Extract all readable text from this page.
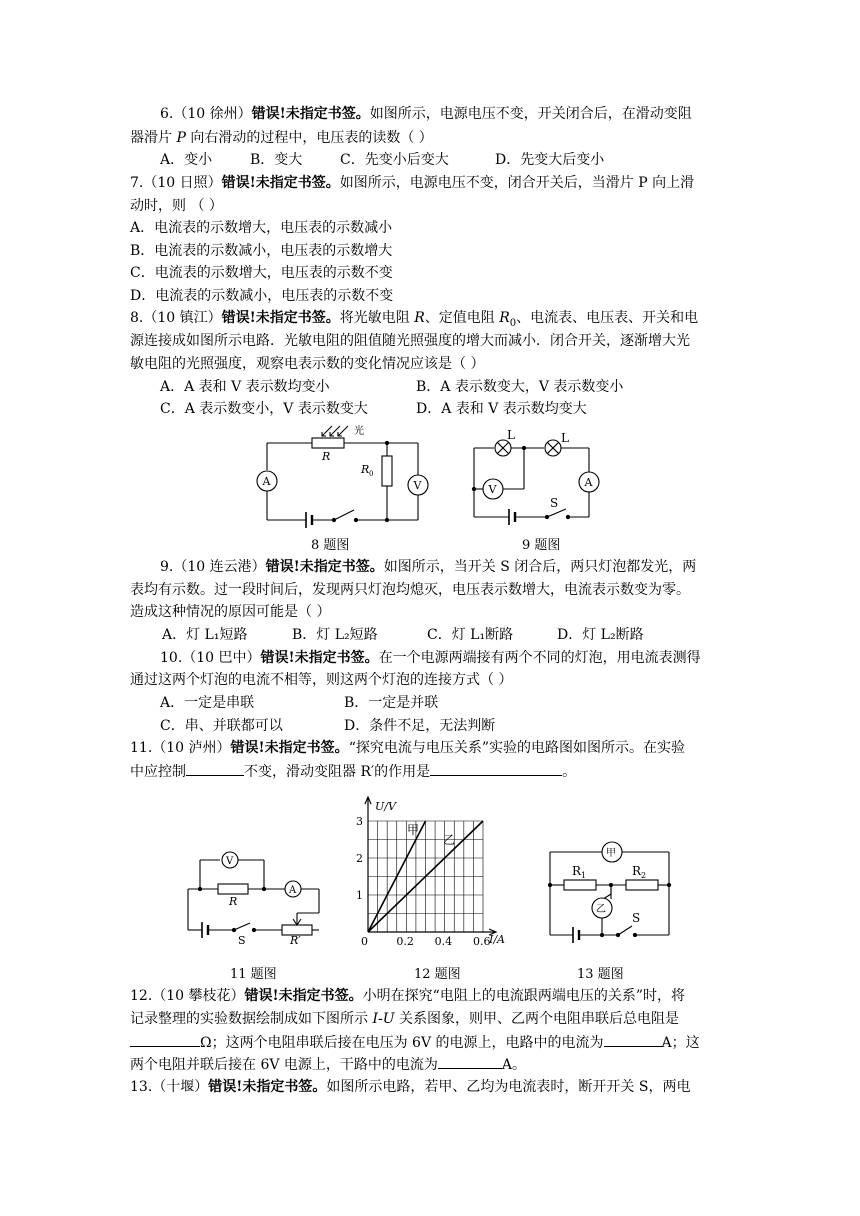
6.（10 徐州）错误!未指定书签。如图所示，电源电压不变，开关闭合后，在滑动变阻
器滑片 P 向右滑动的过程中，电压表的读数（ ）
A．变小	B．变大	C．先变小后变大	D．先变大后变小
7.（10 日照）错误!未指定书签。如图所示，电源电压不变，闭合开关后，当滑片 P 向上滑
动时，则 （ ）
A．电流表的示数增大，电压表的示数减小
B．电流表的示数减小，电压表的示数增大
C．电流表的示数增大，电压表的示数不变
D．电流表的示数减小，电压表的示数不变
8.（10 镇江）错误!未指定书签。将光敏电阻 R、定值电阻 $R_0$、电流表、电压表、开关和电
源连接成如图所示电路．光敏电阻的阻值随光照强度的增大而减小．闭合开关，逐渐增大光
敏电阻的光照强度，观察电表示数的变化情况应该是（ ）
A．A 表和 V 表示数均变小	B．A 表示数变大，V 表示数变小
C．A 表示数变小，V 表示数变大	D．A 表和 V 表示数均变大
光
R
R 0
A	V
8 题图
L	L
V
A
S
9 题图
9.（10 连云港）错误!未指定书签。如图所示，当开关 S 闭合后，两只灯泡都发光，两
表均有示数。过一段时间后，发现两只灯泡均熄灭，电压表示数增大，电流表示数变为零。
造成这种情况的原因可能是（ ）
A．灯 L₁短路	B．灯 L₂短路	C．灯 L₁断路	D．灯 L₂断路
10.（10 巴中）错误!未指定书签。在一个电源两端接有两个不同的灯泡，用电流表测得
通过这两个灯泡的电流不相等，则这两个灯泡的连接方式（ ）
A．一定是串联	B．一定是并联
C．串、并联都可以	D．条件不足，无法判断
11.（10 泸州）错误!未指定书签。“探究电流与电压关系”实验的电路图如图所示。在实验
中应控制	不变，滑动变阻器 R′的作用是	。
V
A
R
S	R′
11 题图
3
2
1
0	0.2 0.4 0.6
U/V
I/A
甲
乙
12 题图
甲
乙
R 1	R 2
S
13 题图
12.（10 攀枝花）错误!未指定书签。小明在探究“电阻上的电流跟两端电压的关系”时，将
记录整理的实验数据绘制成如下图所示 I-U 关系图象，则甲、乙两个电阻串联后总电阻是
Ω；这两个电阻串联后接在电压为 6V 的电源上，电路中的电流为	A；这
两个电阻并联后接在 6V 电源上，干路中的电流为	A。
13.（十堰）错误!未指定书签。如图所示电路，若甲、乙均为电流表时，断开开关 S，两电
